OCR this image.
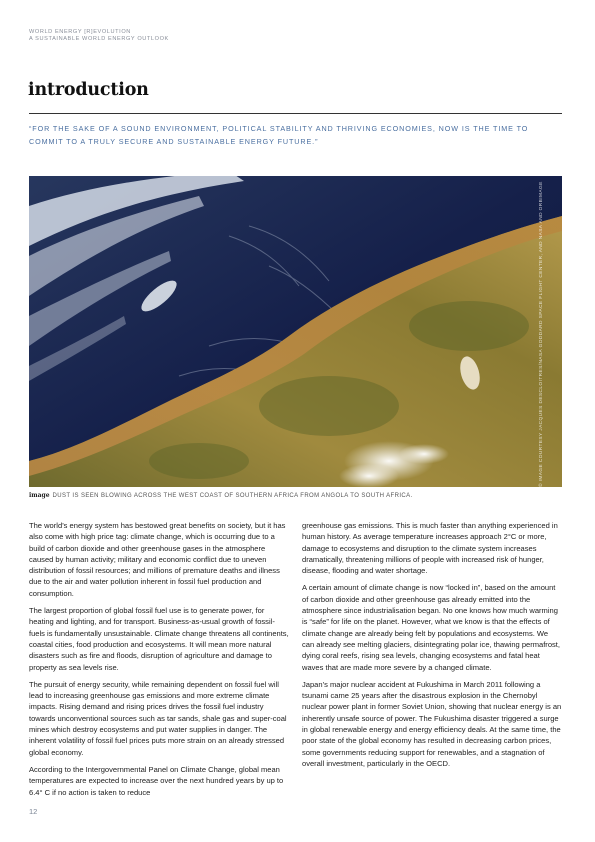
WORLD ENERGY [R]EVOLUTION
A SUSTAINABLE WORLD ENERGY OUTLOOK
introduction
“FOR THE SAKE OF A SOUND ENVIRONMENT, POLITICAL STABILITY AND THRIVING ECONOMIES, NOW IS THE TIME TO COMMIT TO A TRULY SECURE AND SUSTAINABLE ENERGY FUTURE.”
© IMAGE COURTESY JACQUES DESCLOITRES/NASA GODDARD SPACE FLIGHT CENTER, AND NASA AND ORBIMAGE
image DUST IS SEEN BLOWING ACROSS THE WEST COAST OF SOUTHERN AFRICA FROM ANGOLA TO SOUTH AFRICA.

The world’s energy system has bestowed great benefits on society, but it has also come with high price tag: climate change, which is occurring due to a build of carbon dioxide and other greenhouse gases in the atmosphere caused by human activity; military and economic conflict due to uneven distribution of fossil resources; and millions of premature deaths and illness due to the air and water pollution inherent in fossil fuel production and consumption.

The largest proportion of global fossil fuel use is to generate power, for heating and lighting, and for transport. Business-as-usual growth of fossil-fuels is fundamentally unsustainable. Climate change threatens all continents, coastal cities, food production and ecosystems. It will mean more natural disasters such as fire and floods, disruption of agriculture and damage to property as sea levels rise.

The pursuit of energy security, while remaining dependent on fossil fuel will lead to increasing greenhouse gas emissions and more extreme climate impacts. Rising demand and rising prices drives the fossil fuel industry towards unconventional sources such as tar sands, shale gas and super-coal mines which destroy ecosystems and put water supplies in danger. The inherent volatility of fossil fuel prices puts more strain on an already stressed global economy.

According to the Intergovernmental Panel on Climate Change, global mean temperatures are expected to increase over the next hundred years by up to 6.4° C if no action is taken to reduce

greenhouse gas emissions. This is much faster than anything experienced in human history. As average temperature increases approach 2°C or more, damage to ecosystems and disruption to the climate system increases dramatically, threatening millions of people with increased risk of hunger, disease, flooding and water shortage.

A certain amount of climate change is now “locked in”, based on the amount of carbon dioxide and other greenhouse gas already emitted into the atmosphere since industrialisation began. No one knows how much warming is “safe” for life on the planet. However, what we know is that the effects of climate change are already being felt by populations and ecosystems. We can already see melting glaciers, disintegrating polar ice, thawing permafrost, dying coral reefs, rising sea levels, changing ecosystems and fatal heat waves that are made more severe by a changed climate.

Japan’s major nuclear accident at Fukushima in March 2011 following a tsunami came 25 years after the disastrous explosion in the Chernobyl nuclear power plant in former Soviet Union, showing that nuclear energy is an inherently unsafe source of power. The Fukushima disaster triggered a surge in global renewable energy and energy efficiency deals. At the same time, the poor state of the global economy has resulted in decreasing carbon prices, some governments reducing support for renewables, and a stagnation of overall investment, particularly in the OECD.

12
